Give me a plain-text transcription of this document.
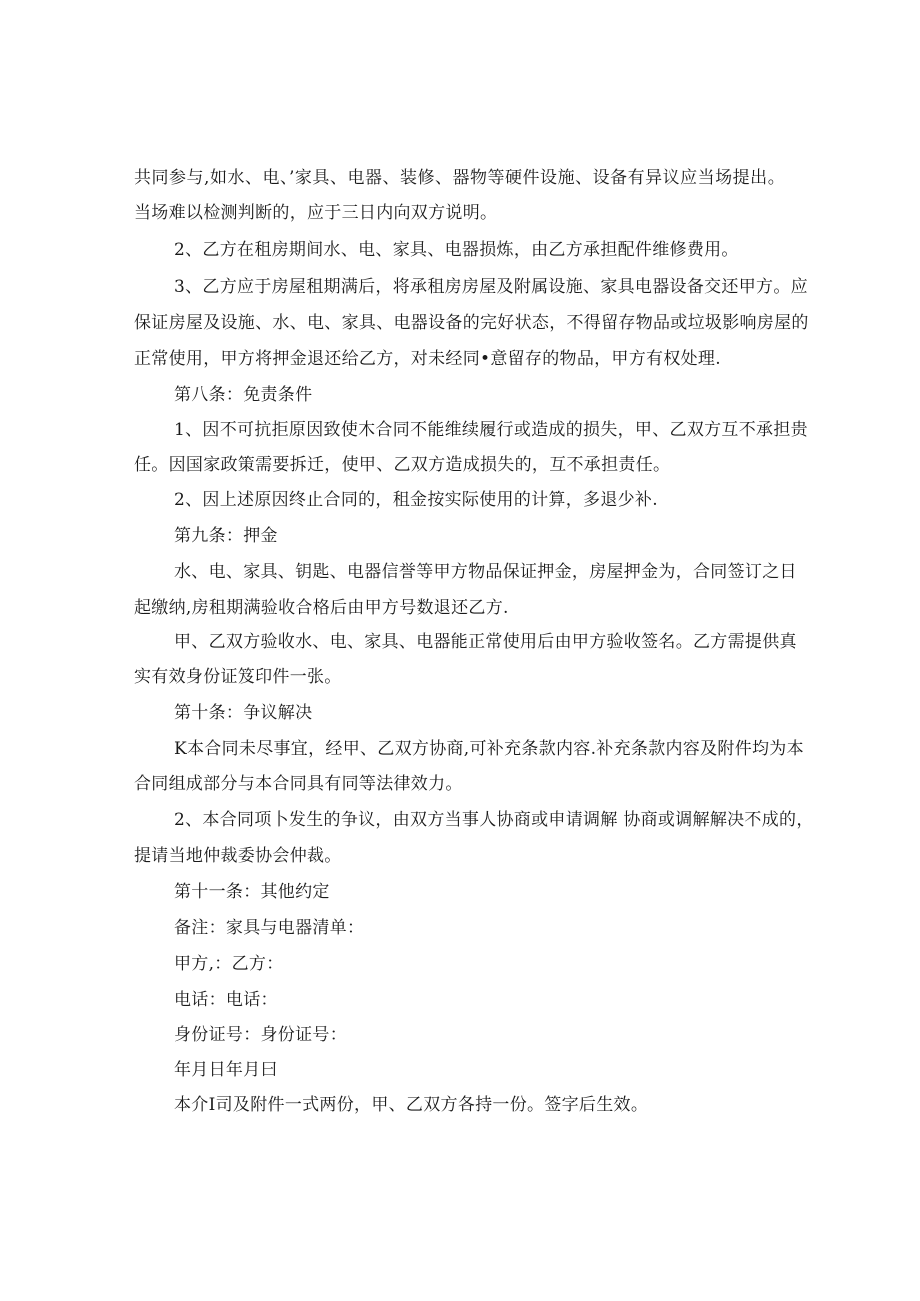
共同参与,如水、电、’家具、电器、装修、器物等硬件设施、设备有异议应当场提出。
当场难以检测判断的，应于三日内向双方说明。
2、乙方在租房期间水、电、家具、电器损炼，由乙方承担配件维修费用。
3、乙方应于房屋租期满后，将承租房房屋及附属设施、家具电器设备交还甲方。应
保证房屋及设施、水、电、家具、电器设备的完好状态，不得留存物品或垃圾影响房屋的
正常使用，甲方将押金退还给乙方，对未经同•意留存的物品，甲方有权处理.
第八条：免责条件
1、因不可抗拒原因致使木合同不能维续履行或造成的损失，甲、乙双方互不承担贵
任。因国家政策需要拆迁，使甲、乙双方造成损失的，互不承担责任。
2、因上述原因终止合同的，租金按实际使用的计算，多退少补.
第九条：押金
水、电、家具、钥匙、电器信誉等甲方物品保证押金，房屋押金为，合同签订之日
起缴纳,房租期满验收合格后由甲方号数退还乙方.
甲、乙双方验收水、电、家具、电器能正常使用后由甲方验收签名。乙方需提供真
实有效身份证笈印件一张。
第十条：争议解决
K本合同未尽事宜，经甲、乙双方协商,可补充条款内容.补充条款内容及附件均为本
合同组成部分与本合同具有同等法律效力。
2、本合同项卜发生的争议，由双方当事人协商或申请调解 协商或调解解决不成的，
提请当地仲裁委协会仲裁。
第十一条：其他约定
备注：家具与电器清单：
甲方,：乙方：
电话：电话：
身份证号：身份证号：
年月日年月曰
本介I司及附件一式两份，甲、乙双方各持一份。签字后生效。
